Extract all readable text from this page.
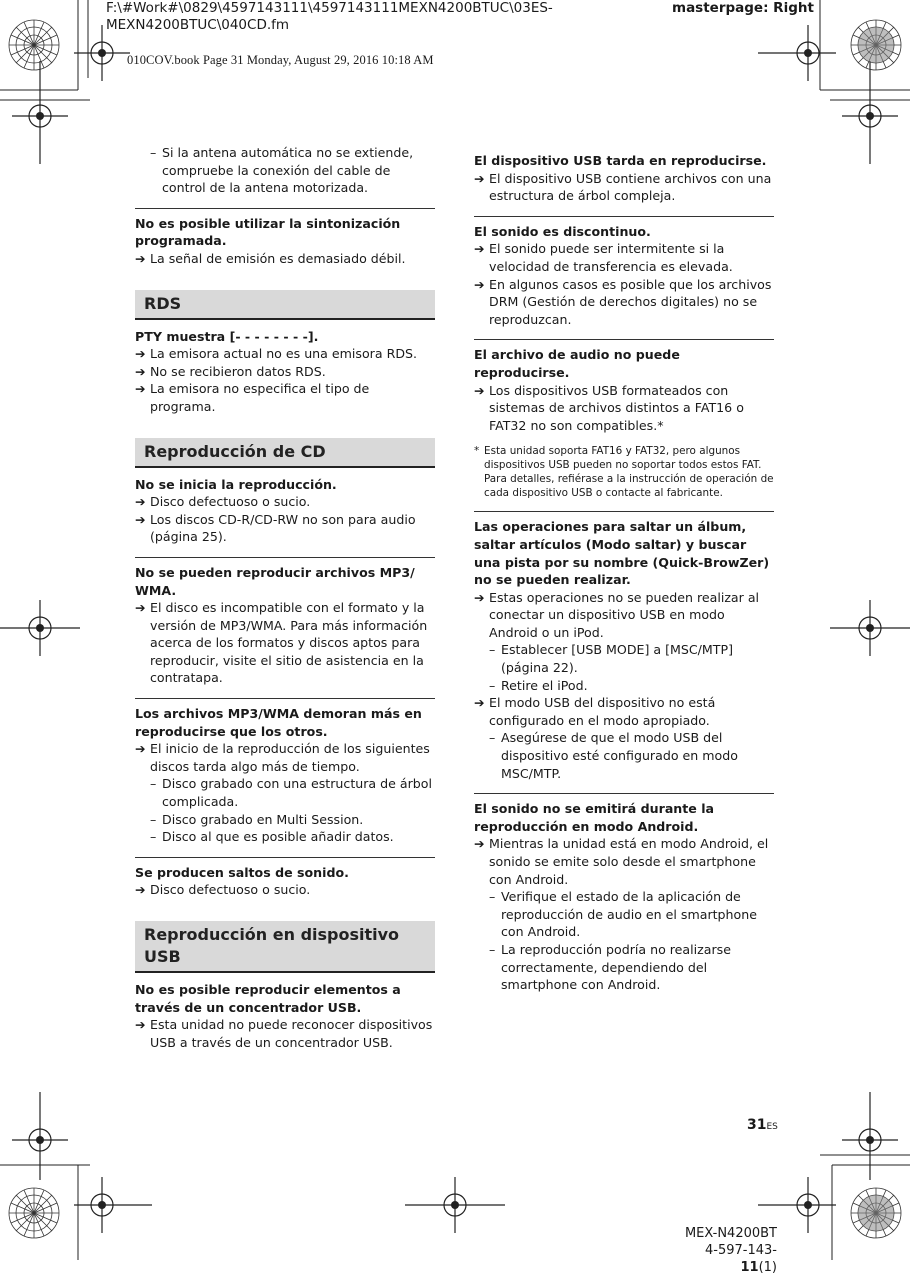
F:\#Work#\0829\4597143111\4597143111MEXN4200BTUC\03ES-
MEXN4200BTUC\040CD.fm
masterpage: Right
010COV.book Page 31 Monday, August 29, 2016 10:18 AM
– Si la antena automática no se extiende, compruebe la conexión del cable de control de la antena motorizada.
No es posible utilizar la sintonización programada.
➔ La señal de emisión es demasiado débil.
RDS
PTY muestra [- - - - - - - -].
➔ La emisora actual no es una emisora RDS.
➔ No se recibieron datos RDS.
➔ La emisora no especifica el tipo de programa.
Reproducción de CD
No se inicia la reproducción.
➔ Disco defectuoso o sucio.
➔ Los discos CD-R/CD-RW no son para audio (página 25).
No se pueden reproducir archivos MP3/ WMA.
➔ El disco es incompatible con el formato y la versión de MP3/WMA. Para más información acerca de los formatos y discos aptos para reproducir, visite el sitio de asistencia en la contratapa.
Los archivos MP3/WMA demoran más en reproducirse que los otros.
➔ El inicio de la reproducción de los siguientes discos tarda algo más de tiempo.
– Disco grabado con una estructura de árbol complicada.
– Disco grabado en Multi Session.
– Disco al que es posible añadir datos.
Se producen saltos de sonido.
➔ Disco defectuoso o sucio.
Reproducción en dispositivo USB
No es posible reproducir elementos a través de un concentrador USB.
➔ Esta unidad no puede reconocer dispositivos USB a través de un concentrador USB.
El dispositivo USB tarda en reproducirse.
➔ El dispositivo USB contiene archivos con una estructura de árbol compleja.
El sonido es discontinuo.
➔ El sonido puede ser intermitente si la velocidad de transferencia es elevada.
➔ En algunos casos es posible que los archivos DRM (Gestión de derechos digitales) no se reproduzcan.
El archivo de audio no puede reproducirse.
➔ Los dispositivos USB formateados con sistemas de archivos distintos a FAT16 o FAT32 no son compatibles.*
* Esta unidad soporta FAT16 y FAT32, pero algunos dispositivos USB pueden no soportar todos estos FAT. Para detalles, refiérase a la instrucción de operación de cada dispositivo USB o contacte al fabricante.
Las operaciones para saltar un álbum, saltar artículos (Modo saltar) y buscar una pista por su nombre (Quick-BrowZer) no se pueden realizar.
➔ Estas operaciones no se pueden realizar al conectar un dispositivo USB en modo Android o un iPod.
– Establecer [USB MODE] a [MSC/MTP] (página 22).
– Retire el iPod.
➔ El modo USB del dispositivo no está configurado en el modo apropiado.
– Asegúrese de que el modo USB del dispositivo esté configurado en modo MSC/MTP.
El sonido no se emitirá durante la reproducción en modo Android.
➔ Mientras la unidad está en modo Android, el sonido se emite solo desde el smartphone con Android.
– Verifique el estado de la aplicación de reproducción de audio en el smartphone con Android.
– La reproducción podría no realizarse correctamente, dependiendo del smartphone con Android.
31ES
MEX-N4200BT
4-597-143-11(1)
